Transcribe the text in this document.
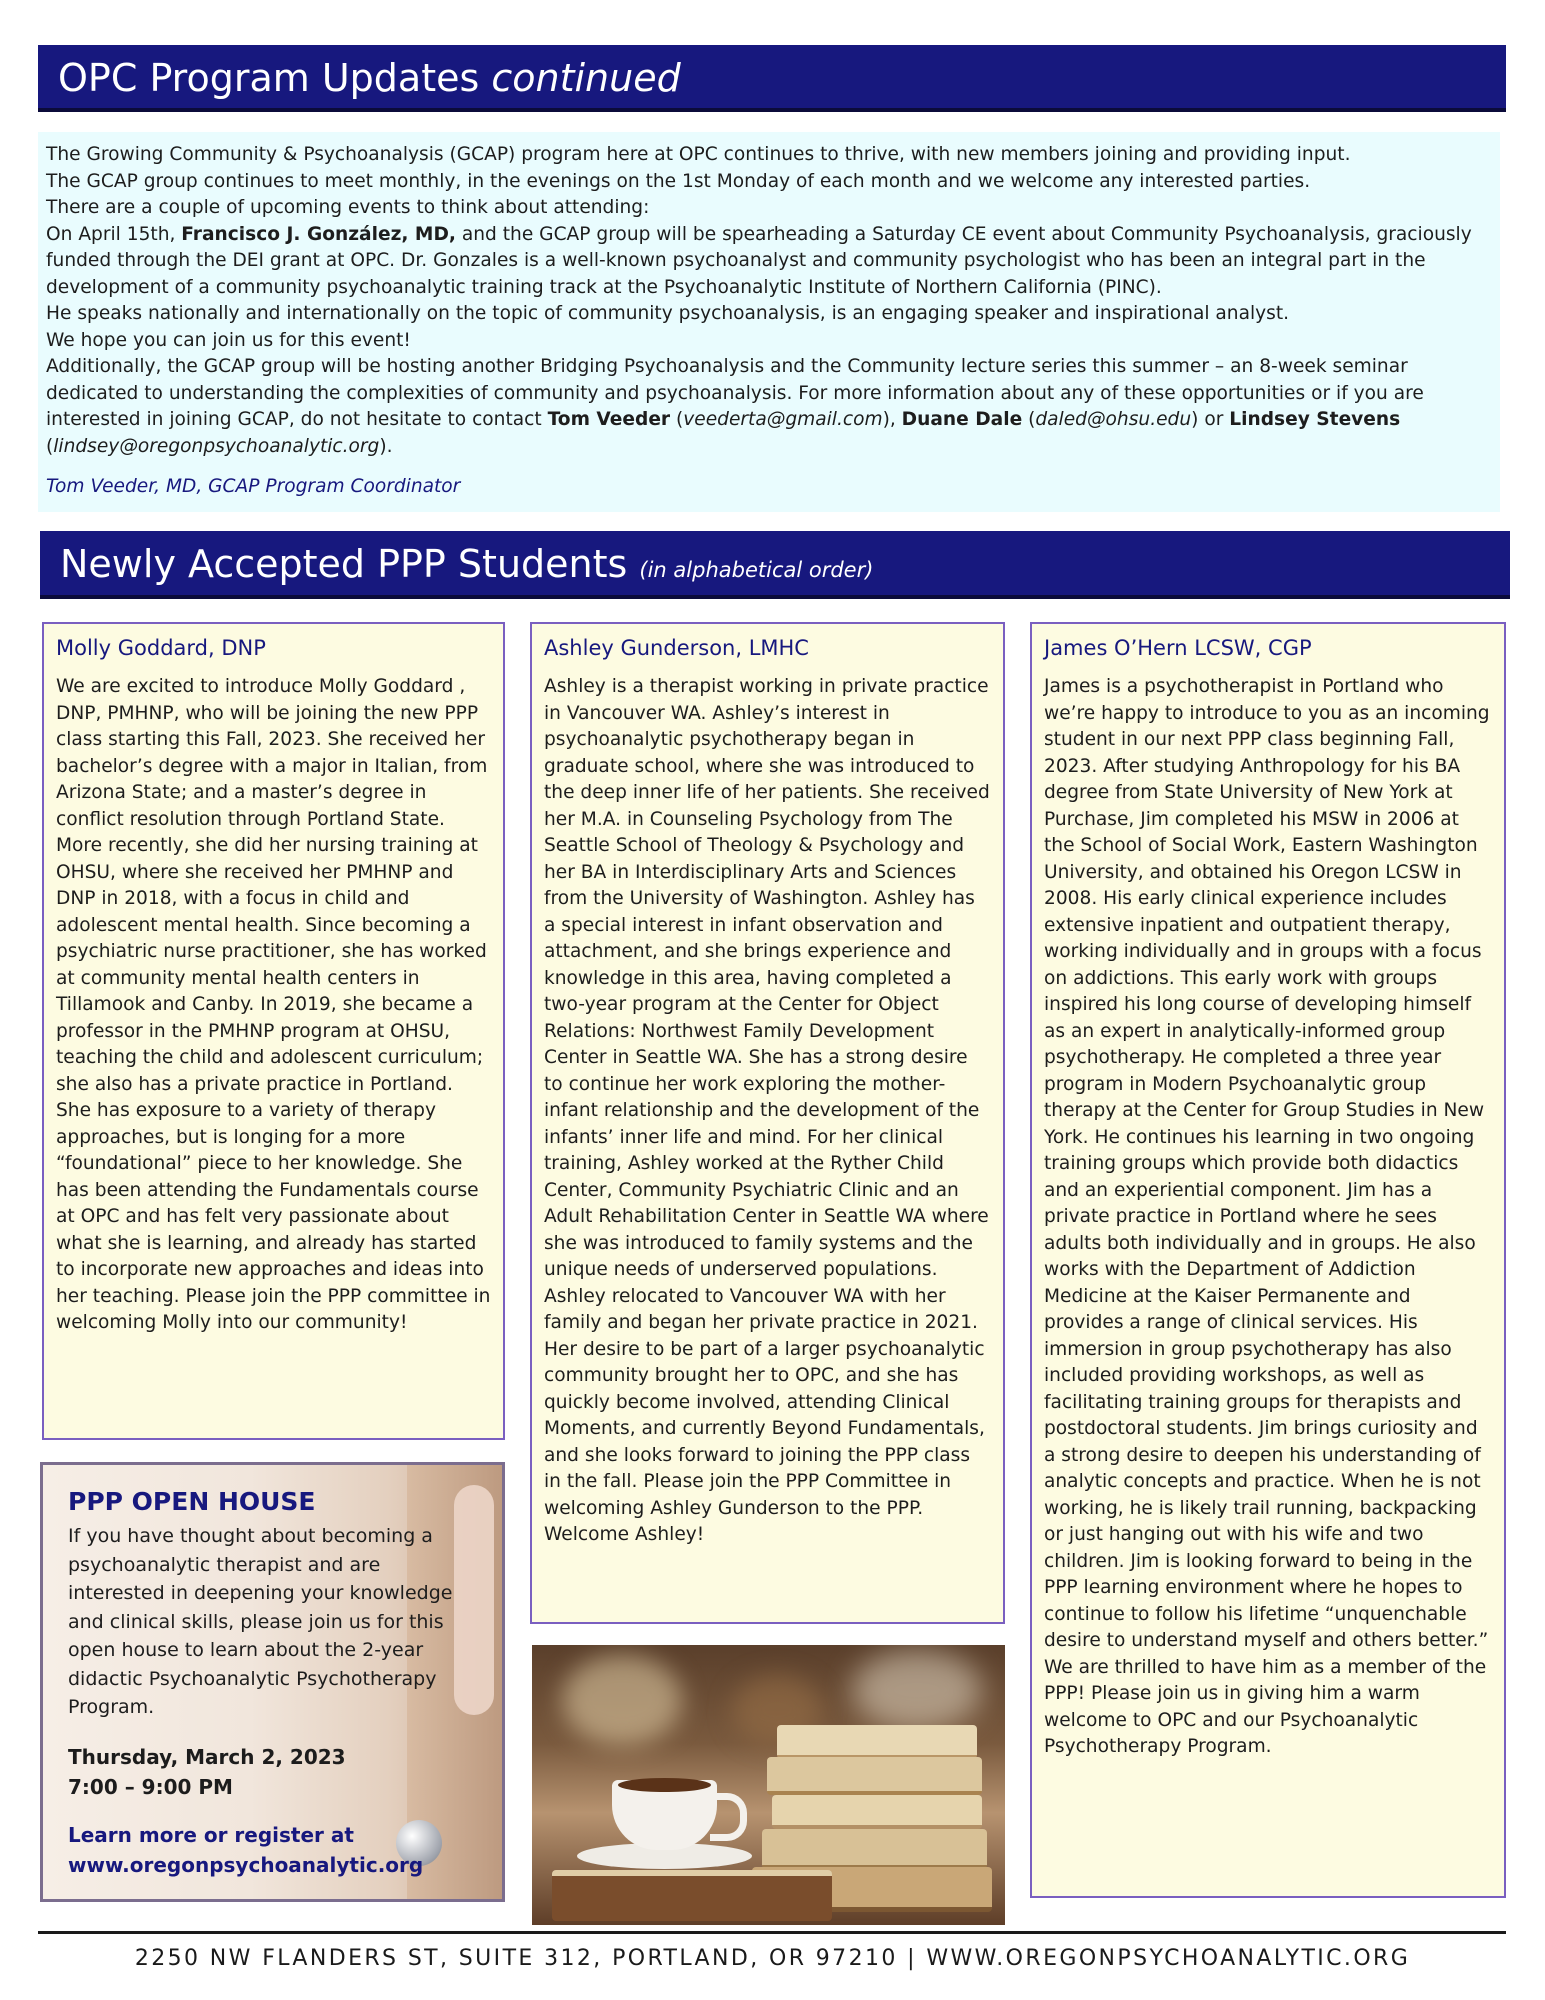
OPC Program Updates continued

The Growing Community & Psychoanalysis (GCAP) program here at OPC continues to thrive, with new members joining and providing input.

The GCAP group continues to meet monthly, in the evenings on the 1st Monday of each month and we welcome any interested parties.

There are a couple of upcoming events to think about attending:

On April 15th, Francisco J. González, MD, and the GCAP group will be spearheading a Saturday CE event about Community Psychoanalysis, graciously funded through the DEI grant at OPC. Dr. Gonzales is a well-known psychoanalyst and community psychologist who has been an integral part in the development of a community psychoanalytic training track at the Psychoanalytic Institute of Northern California (PINC).

He speaks nationally and internationally on the topic of community psychoanalysis, is an engaging speaker and inspirational analyst.

We hope you can join us for this event!

Additionally, the GCAP group will be hosting another Bridging Psychoanalysis and the Community lecture series this summer – an 8-week seminar dedicated to understanding the complexities of community and psychoanalysis. For more information about any of these opportunities or if you are interested in joining GCAP, do not hesitate to contact Tom Veeder (veederta@gmail.com), Duane Dale (daled@ohsu.edu) or Lindsey Stevens (lindsey@oregonpsychoanalytic.org).

Tom Veeder, MD, GCAP Program Coordinator

Newly Accepted PPP Students (in alphabetical order)
Molly Goddard, DNP

We are excited to introduce Molly Goddard , DNP, PMHNP, who will be joining the new PPP class starting this Fall, 2023. She received her bachelor’s degree with a major in Italian, from Arizona State; and a master’s degree in conflict resolution through Portland State. More recently, she did her nursing training at OHSU, where she received her PMHNP and DNP in 2018, with a focus in child and adolescent mental health. Since becoming a psychiatric nurse practitioner, she has worked at community mental health centers in Tillamook and Canby. In 2019, she became a professor in the PMHNP program at OHSU, teaching the child and adolescent curriculum; she also has a private practice in Portland. She has exposure to a variety of therapy approaches, but is longing for a more “foundational” piece to her knowledge. She has been attending the Fundamentals course at OPC and has felt very passionate about what she is learning, and already has started to incorporate new approaches and ideas into her teaching. Please join the PPP committee in welcoming Molly into our community!

Ashley Gunderson, LMHC

Ashley is a therapist working in private practice in Vancouver WA. Ashley’s interest in psychoanalytic psychotherapy began in graduate school, where she was introduced to the deep inner life of her patients. She received her M.A. in Counseling Psychology from The Seattle School of Theology & Psychology and her BA in Interdisciplinary Arts and Sciences from the University of Washington. Ashley has a special interest in infant observation and attachment, and she brings experience and knowledge in this area, having completed a two-year program at the Center for Object Relations: Northwest Family Development Center in Seattle WA. She has a strong desire to continue her work exploring the mother-infant relationship and the development of the infants’ inner life and mind. For her clinical training, Ashley worked at the Ryther Child Center, Community Psychiatric Clinic and an Adult Rehabilitation Center in Seattle WA where she was introduced to family systems and the unique needs of underserved populations. Ashley relocated to Vancouver WA with her family and began her private practice in 2021. Her desire to be part of a larger psychoanalytic community brought her to OPC, and she has quickly become involved, attending Clinical Moments, and currently Beyond Fundamentals, and she looks forward to joining the PPP class in the fall. Please join the PPP Committee in welcoming Ashley Gunderson to the PPP. Welcome Ashley!

James O’Hern LCSW, CGP

James is a psychotherapist in Portland who we’re happy to introduce to you as an incoming student in our next PPP class beginning Fall, 2023. After studying Anthropology for his BA degree from State University of New York at Purchase, Jim completed his MSW in 2006 at the School of Social Work, Eastern Washington University, and obtained his Oregon LCSW in 2008. His early clinical experience includes extensive inpatient and outpatient therapy, working individually and in groups with a focus on addictions. This early work with groups inspired his long course of developing himself as an expert in analytically-informed group psychotherapy. He completed a three year program in Modern Psychoanalytic group therapy at the Center for Group Studies in New York. He continues his learning in two ongoing training groups which provide both didactics and an experiential component. Jim has a private practice in Portland where he sees adults both individually and in groups. He also works with the Department of Addiction Medicine at the Kaiser Permanente and provides a range of clinical services. His immersion in group psychotherapy has also included providing workshops, as well as facilitating training groups for therapists and postdoctoral students. Jim brings curiosity and a strong desire to deepen his understanding of analytic concepts and practice. When he is not working, he is likely trail running, backpacking or just hanging out with his wife and two children. Jim is looking forward to being in the PPP learning environment where he hopes to continue to follow his lifetime “unquenchable desire to understand myself and others better.” We are thrilled to have him as a member of the PPP! Please join us in giving him a warm welcome to OPC and our Psychoanalytic Psychotherapy Program.

PPP OPEN HOUSE

If you have thought about becoming a psychoanalytic therapist and are interested in deepening your knowledge and clinical skills, please join us for this open house to learn about the 2-year didactic Psychoanalytic Psychotherapy Program.

Thursday, March 2, 2023
7:00 – 9:00 PM
Learn more or register at
www.oregonpsychoanalytic.org
2250 NW FLANDERS ST, SUITE 312, PORTLAND, OR 97210 | WWW.OREGONPSYCHOANALYTIC.ORG
